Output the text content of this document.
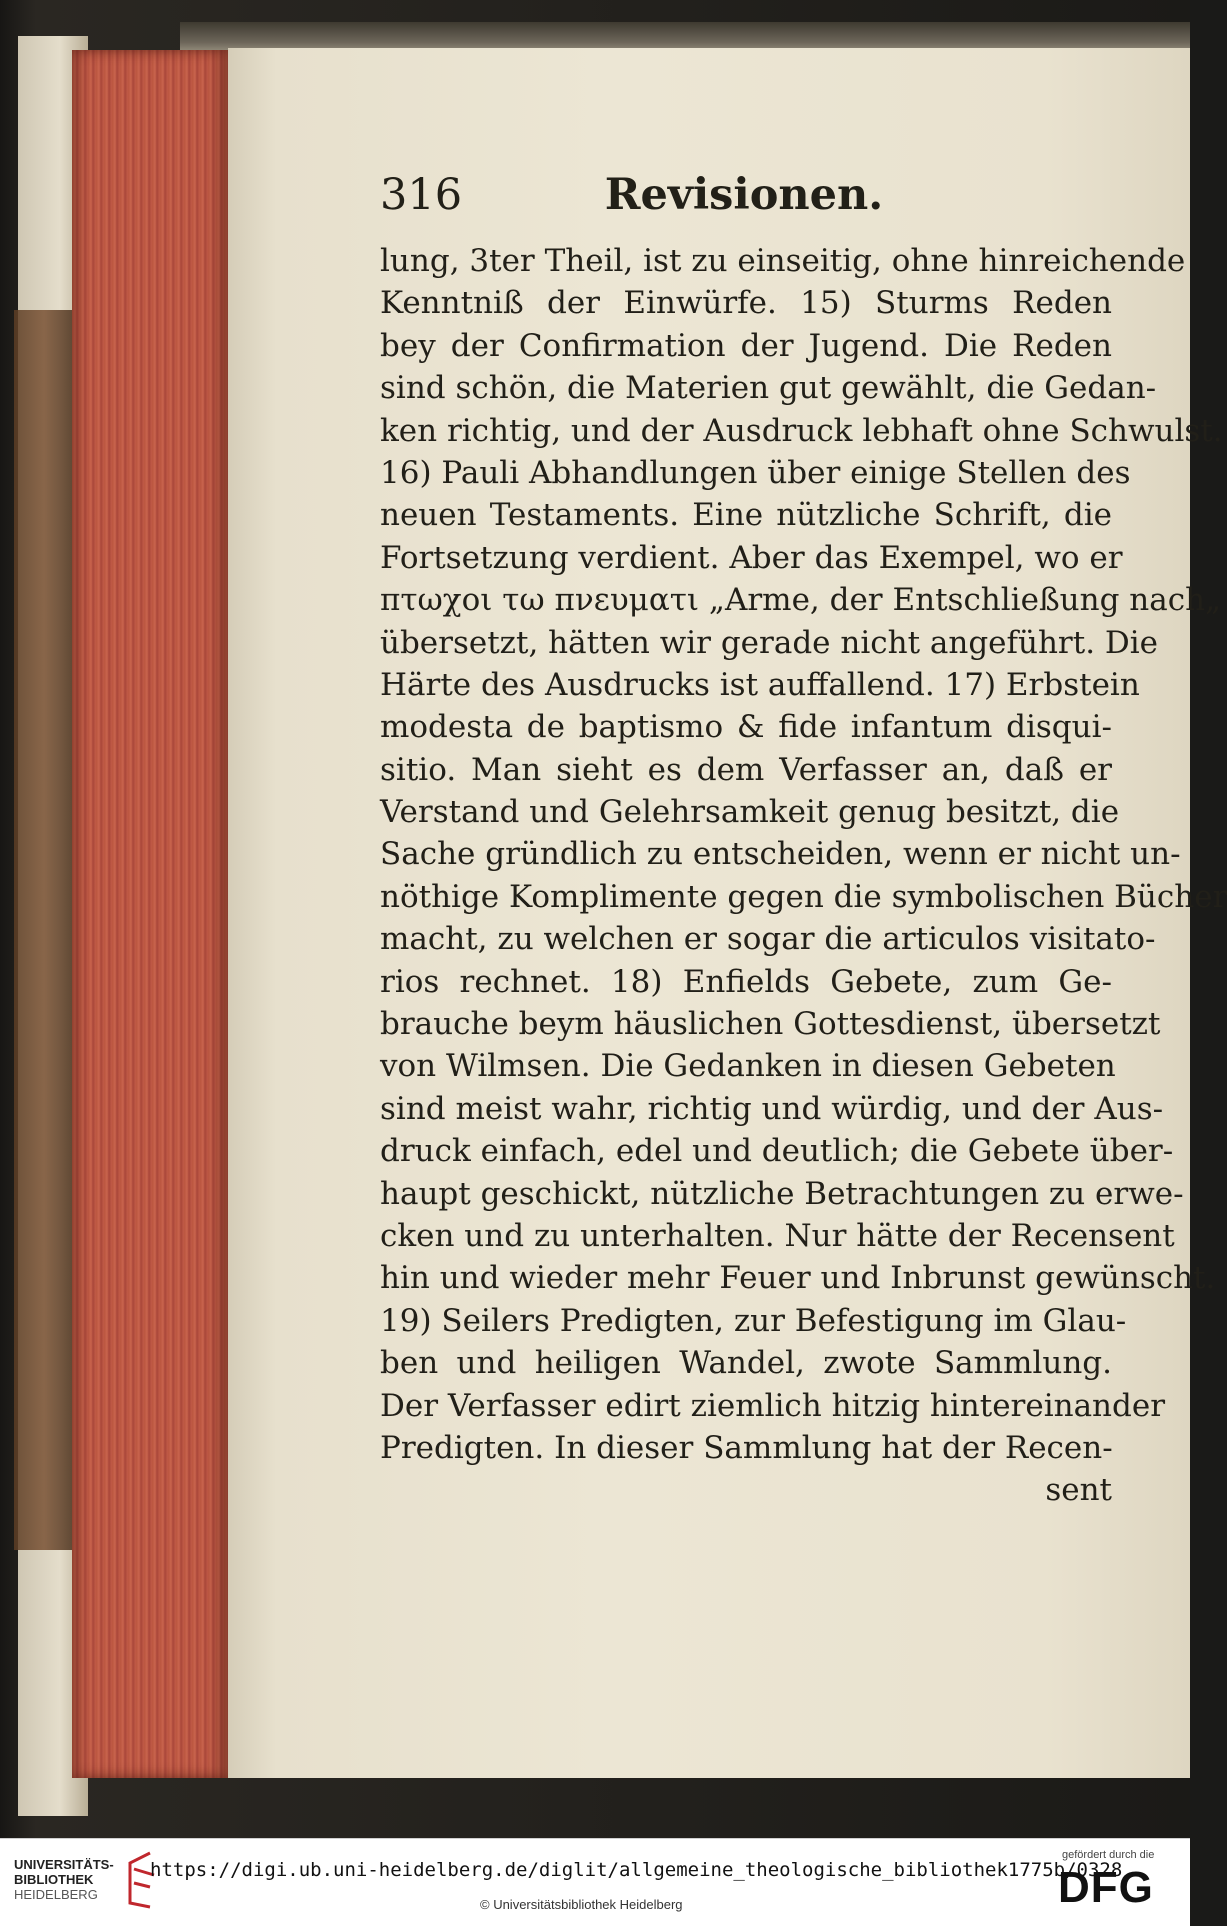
316	Revisionen.
lung, 3ter Theil, ist zu einseitig, ohne hinreichende
Kenntniß der Einwürfe. 15) Sturms Reden
bey der Confirmation der Jugend. Die Reden
sind schön, die Materien gut gewählt, die Gedan-
ken richtig, und der Ausdruck lebhaft ohne Schwulst.
16) Pauli Abhandlungen über einige Stellen des
neuen Testaments. Eine nützliche Schrift, die
Fortsetzung verdient. Aber das Exempel, wo er
πτωχοι τω πνευματι „Arme, der Entschließung nach„
übersetzt, hätten wir gerade nicht angeführt. Die
Härte des Ausdrucks ist auffallend. 17) Erbstein
modesta de baptismo & fide infantum disqui-
sitio. Man sieht es dem Verfasser an, daß er
Verstand und Gelehrsamkeit genug besitzt, die
Sache gründlich zu entscheiden, wenn er nicht un-
nöthige Komplimente gegen die symbolischen Bücher
macht, zu welchen er sogar die articulos visitato-
rios rechnet. 18) Enfields Gebete, zum Ge-
brauche beym häuslichen Gottesdienst, übersetzt
von Wilmsen. Die Gedanken in diesen Gebeten
sind meist wahr, richtig und würdig, und der Aus-
druck einfach, edel und deutlich; die Gebete über-
haupt geschickt, nützliche Betrachtungen zu erwe-
cken und zu unterhalten. Nur hätte der Recensent
hin und wieder mehr Feuer und Inbrunst gewünscht.
19) Seilers Predigten, zur Befestigung im Glau-
ben und heiligen Wandel, zwote Sammlung.
Der Verfasser edirt ziemlich hitzig hintereinander
Predigten. In dieser Sammlung hat der Recen-
sent
UNIVERSITÄTS-
BIBLIOTHEK
HEIDELBERG
https://digi.ub.uni-heidelberg.de/diglit/allgemeine_theologische_bibliothek1775b/0328
© Universitätsbibliothek Heidelberg
gefördert durch die
DFG
